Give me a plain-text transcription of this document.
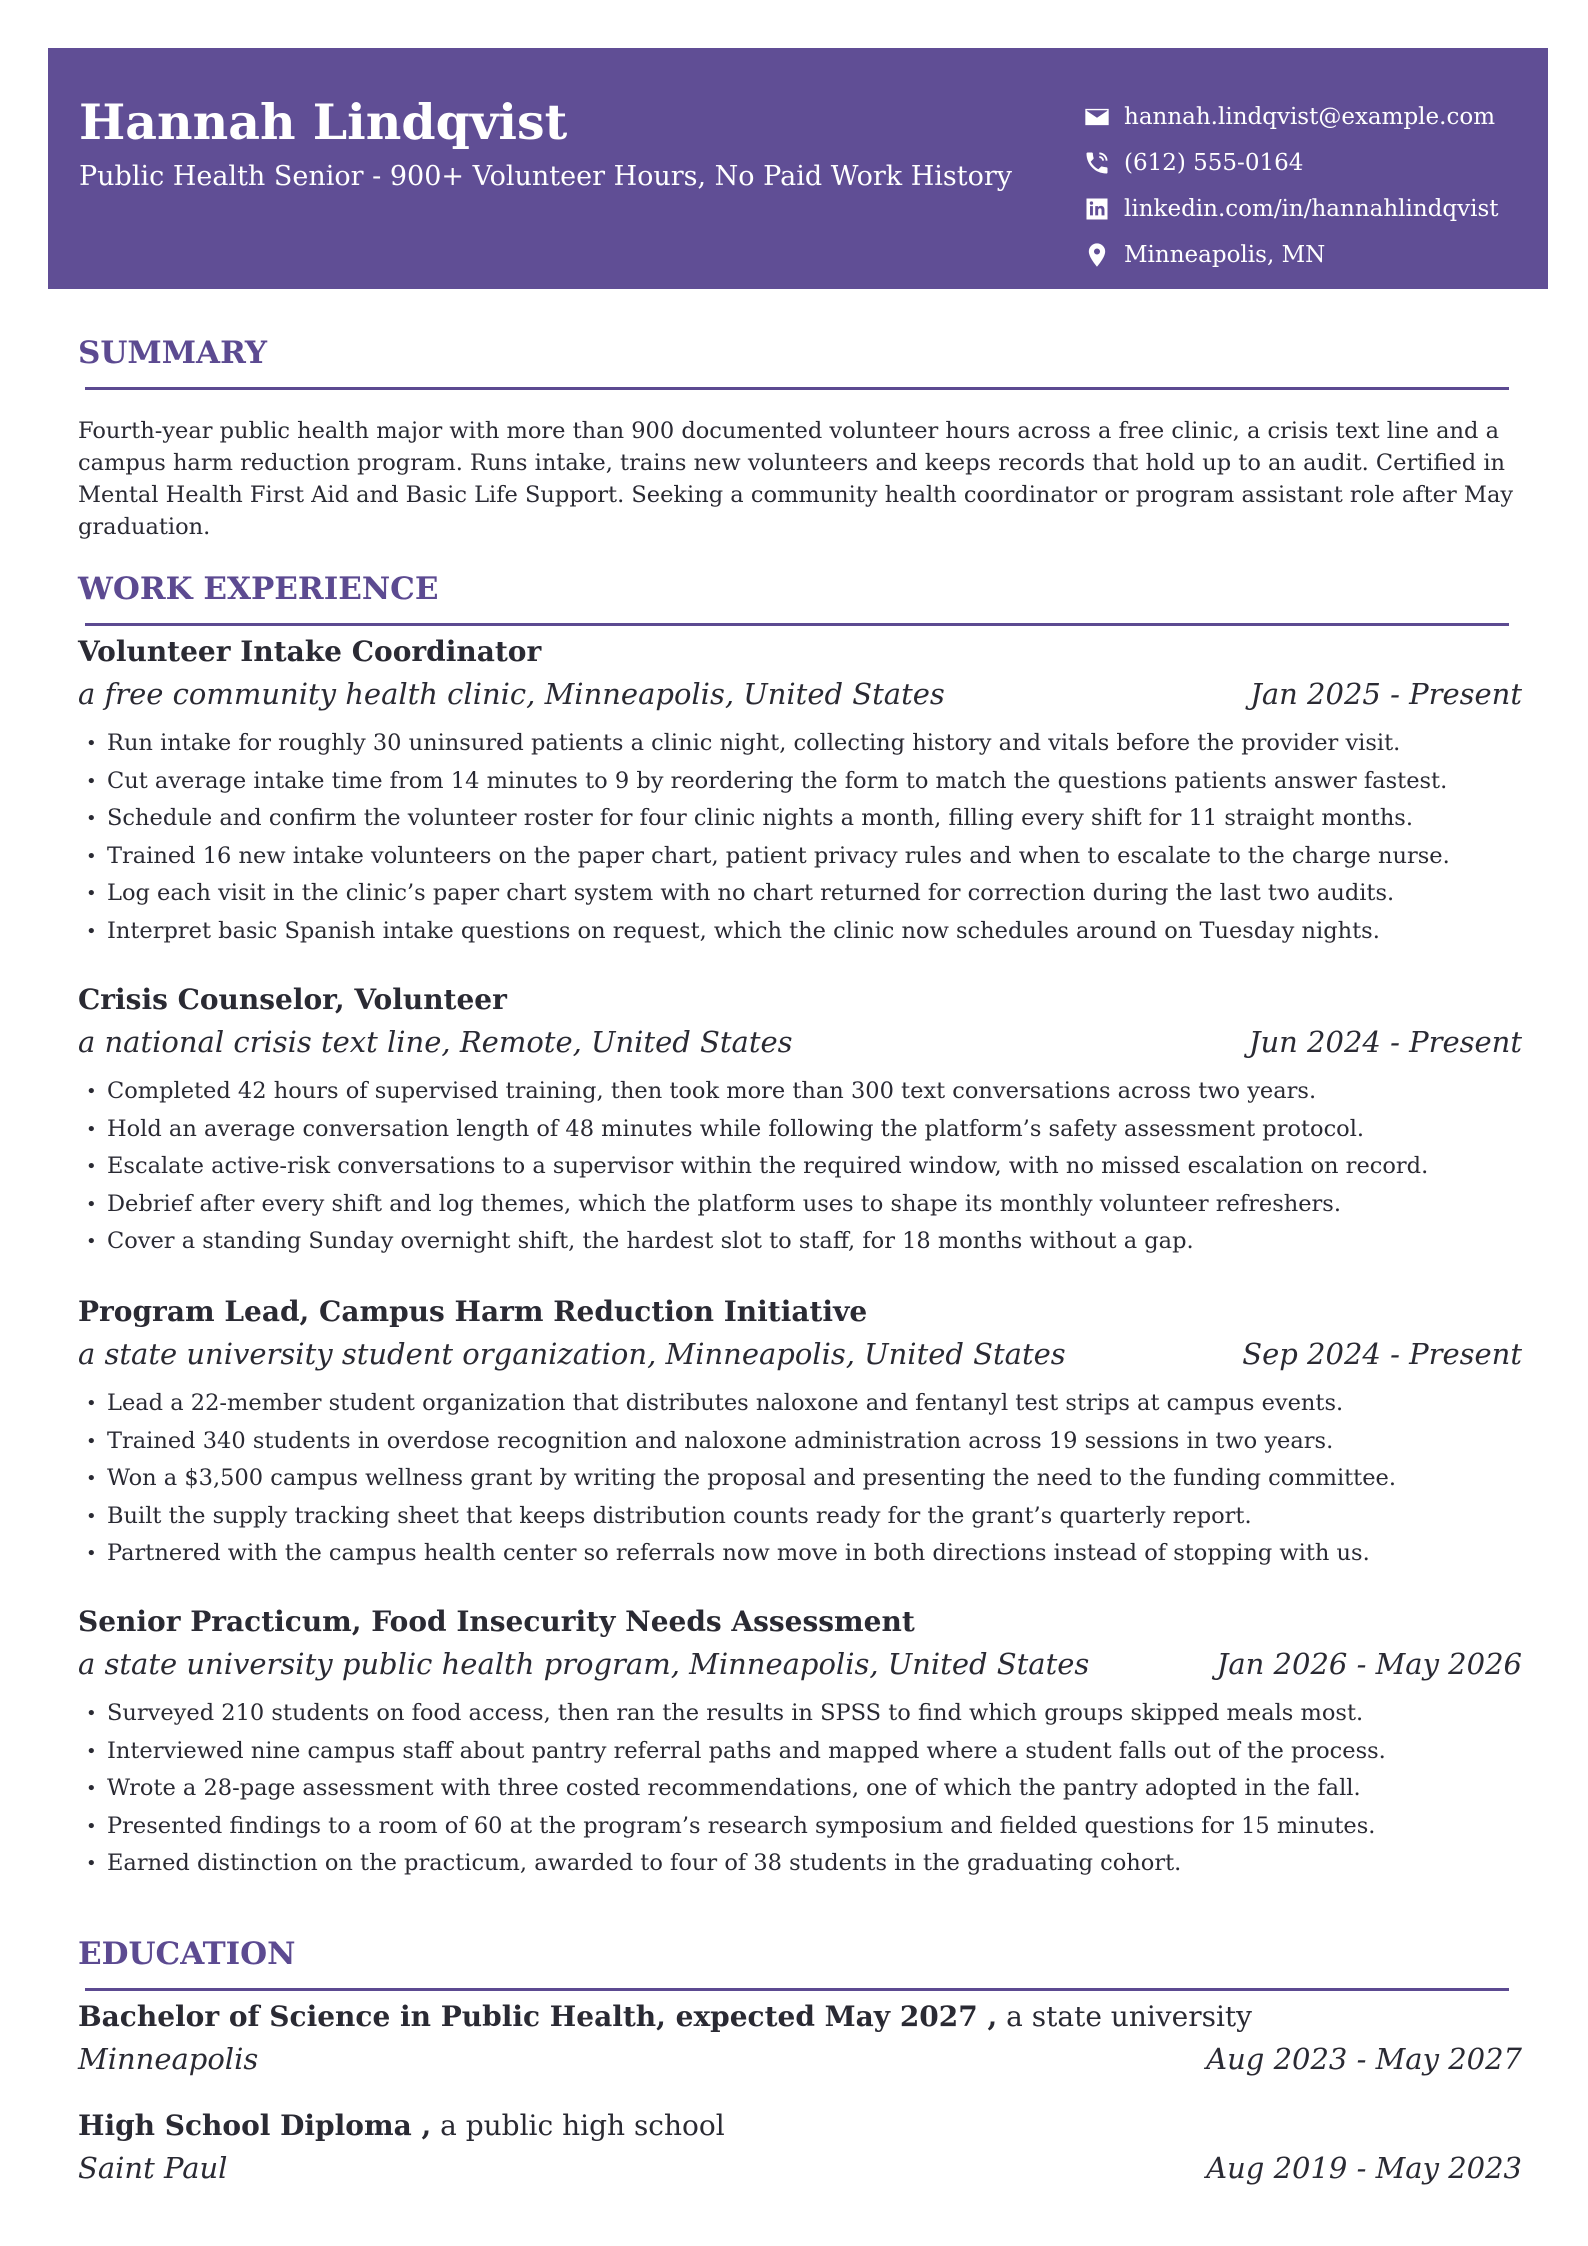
Hannah Lindqvist
Public Health Senior - 900+ Volunteer Hours, No Paid Work History
hannah.lindqvist@example.com
(612) 555-0164
linkedin.com/in/hannahlindqvist
Minneapolis, MN
SUMMARY
Fourth-year public health major with more than 900 documented volunteer hours across a free clinic, a crisis text line and a campus harm reduction program. Runs intake, trains new volunteers and keeps records that hold up to an audit. Certified in Mental Health First Aid and Basic Life Support. Seeking a community health coordinator or program assistant role after May graduation.
WORK EXPERIENCE
Volunteer Intake Coordinator
a free community health clinic, Minneapolis, United States	Jan 2025 - Present
• Run intake for roughly 30 uninsured patients a clinic night, collecting history and vitals before the provider visit.
• Cut average intake time from 14 minutes to 9 by reordering the form to match the questions patients answer fastest.
• Schedule and confirm the volunteer roster for four clinic nights a month, filling every shift for 11 straight months.
• Trained 16 new intake volunteers on the paper chart, patient privacy rules and when to escalate to the charge nurse.
• Log each visit in the clinic’s paper chart system with no chart returned for correction during the last two audits.
• Interpret basic Spanish intake questions on request, which the clinic now schedules around on Tuesday nights.
Crisis Counselor, Volunteer
a national crisis text line, Remote, United States	Jun 2024 - Present
• Completed 42 hours of supervised training, then took more than 300 text conversations across two years.
• Hold an average conversation length of 48 minutes while following the platform’s safety assessment protocol.
• Escalate active-risk conversations to a supervisor within the required window, with no missed escalation on record.
• Debrief after every shift and log themes, which the platform uses to shape its monthly volunteer refreshers.
• Cover a standing Sunday overnight shift, the hardest slot to staff, for 18 months without a gap.
Program Lead, Campus Harm Reduction Initiative
a state university student organization, Minneapolis, United States	Sep 2024 - Present
• Lead a 22-member student organization that distributes naloxone and fentanyl test strips at campus events.
• Trained 340 students in overdose recognition and naloxone administration across 19 sessions in two years.
• Won a $3,500 campus wellness grant by writing the proposal and presenting the need to the funding committee.
• Built the supply tracking sheet that keeps distribution counts ready for the grant’s quarterly report.
• Partnered with the campus health center so referrals now move in both directions instead of stopping with us.
Senior Practicum, Food Insecurity Needs Assessment
a state university public health program, Minneapolis, United States	Jan 2026 - May 2026
• Surveyed 210 students on food access, then ran the results in SPSS to find which groups skipped meals most.
• Interviewed nine campus staff about pantry referral paths and mapped where a student falls out of the process.
• Wrote a 28-page assessment with three costed recommendations, one of which the pantry adopted in the fall.
• Presented findings to a room of 60 at the program’s research symposium and fielded questions for 15 minutes.
• Earned distinction on the practicum, awarded to four of 38 students in the graduating cohort.
EDUCATION
Bachelor of Science in Public Health, expected May 2027 , a state university
Minneapolis	Aug 2023 - May 2027
High School Diploma , a public high school
Saint Paul	Aug 2019 - May 2023
